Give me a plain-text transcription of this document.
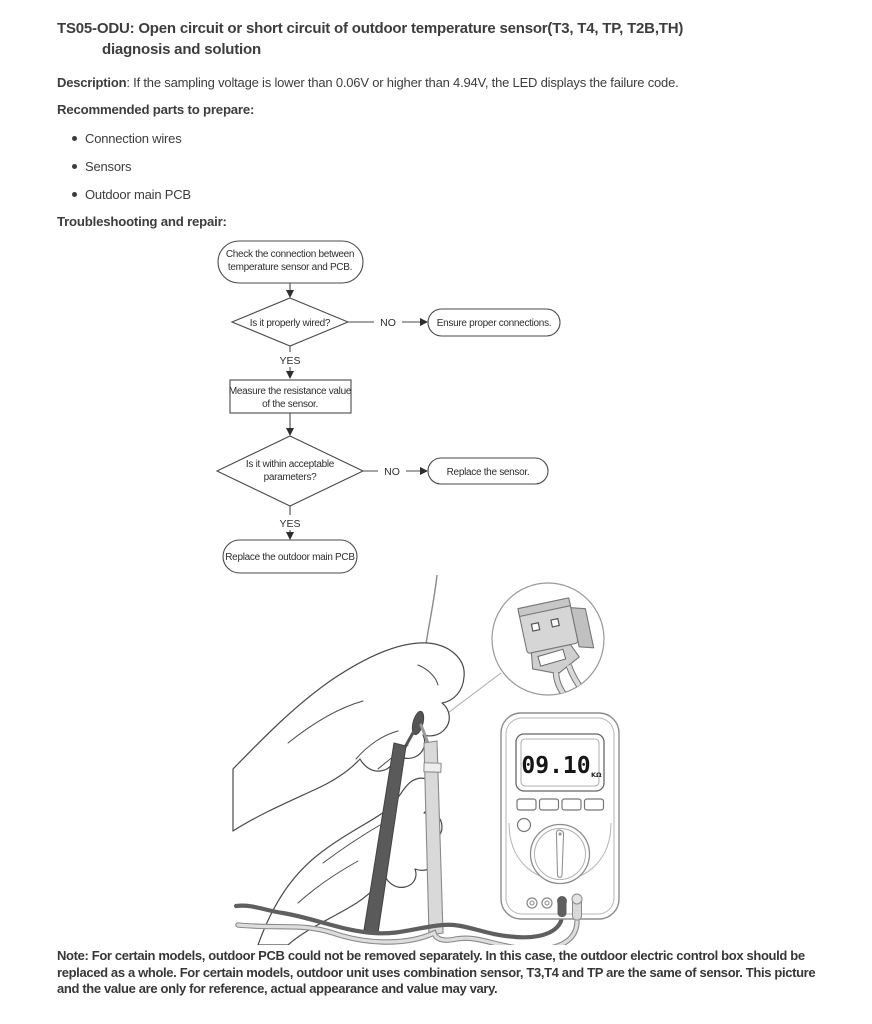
TS05-ODU: Open circuit or short circuit of outdoor temperature sensor(T3, T4, TP, T2B,TH)
diagnosis and solution
Description: If the sampling voltage is lower than 0.06V or higher than 4.94V, the LED displays the failure code.
Recommended parts to prepare:
Connection wires
Sensors
Outdoor main PCB
Troubleshooting and repair:
Check the connection between
temperature sensor and PCB.
Is it properly wired?	NO	Ensure proper connections.
YES
Measure the resistance value
of the sensor.
Is it within acceptable
parameters?	NO	Replace the sensor.
YES
Replace the outdoor main PCB
09.10 KΩ
Note: For certain models, outdoor PCB could not be removed separately. In this case, the outdoor electric control box should be replaced as a whole. For certain models, outdoor unit uses combination sensor, T3,T4 and TP are the same of sensor. This picture and the value are only for reference, actual appearance and value may vary.
